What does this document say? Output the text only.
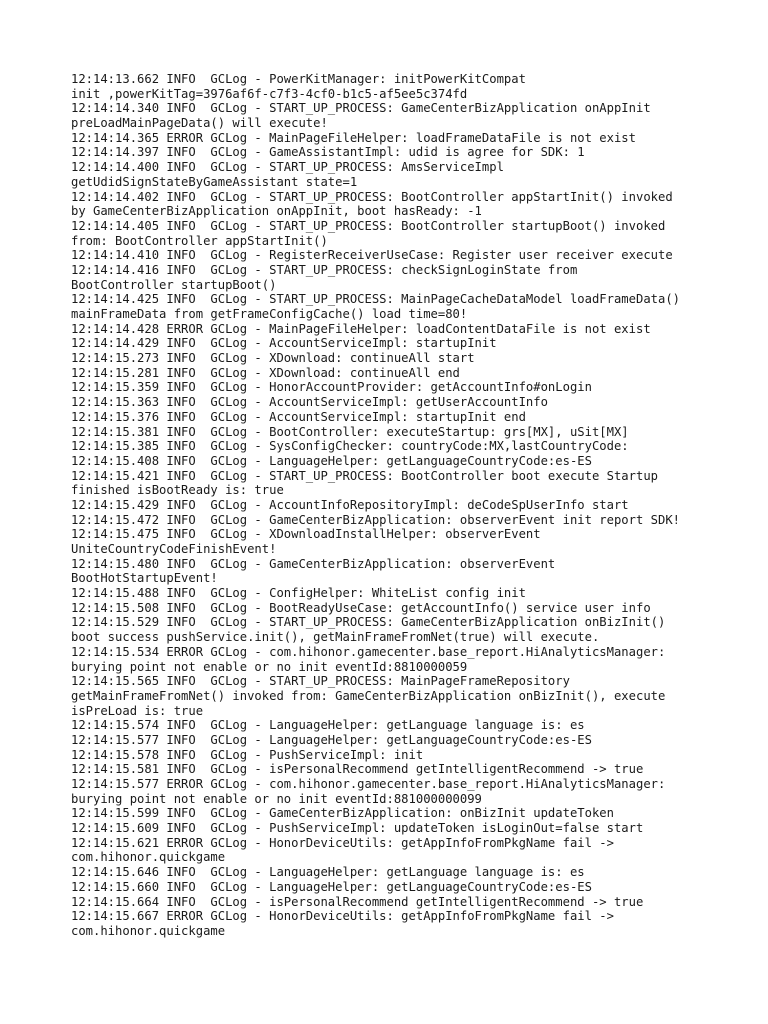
12:14:13.662 INFO  GCLog - PowerKitManager: initPowerKitCompat
init ,powerKitTag=3976af6f-c7f3-4cf0-b1c5-af5ee5c374fd
12:14:14.340 INFO  GCLog - START_UP_PROCESS: GameCenterBizApplication onAppInit
preLoadMainPageData() will execute!
12:14:14.365 ERROR GCLog - MainPageFileHelper: loadFrameDataFile is not exist
12:14:14.397 INFO  GCLog - GameAssistantImpl: udid is agree for SDK: 1
12:14:14.400 INFO  GCLog - START_UP_PROCESS: AmsServiceImpl
getUdidSignStateByGameAssistant state=1
12:14:14.402 INFO  GCLog - START_UP_PROCESS: BootController appStartInit() invoked
by GameCenterBizApplication onAppInit, boot hasReady: -1
12:14:14.405 INFO  GCLog - START_UP_PROCESS: BootController startupBoot() invoked
from: BootController appStartInit()
12:14:14.410 INFO  GCLog - RegisterReceiverUseCase: Register user receiver execute
12:14:14.416 INFO  GCLog - START_UP_PROCESS: checkSignLoginState from
BootController startupBoot()
12:14:14.425 INFO  GCLog - START_UP_PROCESS: MainPageCacheDataModel loadFrameData()
mainFrameData from getFrameConfigCache() load time=80!
12:14:14.428 ERROR GCLog - MainPageFileHelper: loadContentDataFile is not exist
12:14:14.429 INFO  GCLog - AccountServiceImpl: startupInit
12:14:15.273 INFO  GCLog - XDownload: continueAll start
12:14:15.281 INFO  GCLog - XDownload: continueAll end
12:14:15.359 INFO  GCLog - HonorAccountProvider: getAccountInfo#onLogin
12:14:15.363 INFO  GCLog - AccountServiceImpl: getUserAccountInfo
12:14:15.376 INFO  GCLog - AccountServiceImpl: startupInit end
12:14:15.381 INFO  GCLog - BootController: executeStartup: grs[MX], uSit[MX]
12:14:15.385 INFO  GCLog - SysConfigChecker: countryCode:MX,lastCountryCode:
12:14:15.408 INFO  GCLog - LanguageHelper: getLanguageCountryCode:es-ES
12:14:15.421 INFO  GCLog - START_UP_PROCESS: BootController boot execute Startup
finished isBootReady is: true
12:14:15.429 INFO  GCLog - AccountInfoRepositoryImpl: deCodeSpUserInfo start
12:14:15.472 INFO  GCLog - GameCenterBizApplication: observerEvent init report SDK!
12:14:15.475 INFO  GCLog - XDownloadInstallHelper: observerEvent
UniteCountryCodeFinishEvent!
12:14:15.480 INFO  GCLog - GameCenterBizApplication: observerEvent
BootHotStartupEvent!
12:14:15.488 INFO  GCLog - ConfigHelper: WhiteList config init
12:14:15.508 INFO  GCLog - BootReadyUseCase: getAccountInfo() service user info
12:14:15.529 INFO  GCLog - START_UP_PROCESS: GameCenterBizApplication onBizInit()
boot success pushService.init(), getMainFrameFromNet(true) will execute.
12:14:15.534 ERROR GCLog - com.hihonor.gamecenter.base_report.HiAnalyticsManager:
burying point not enable or no init eventId:8810000059
12:14:15.565 INFO  GCLog - START_UP_PROCESS: MainPageFrameRepository
getMainFrameFromNet() invoked from: GameCenterBizApplication onBizInit(), execute
isPreLoad is: true
12:14:15.574 INFO  GCLog - LanguageHelper: getLanguage language is: es
12:14:15.577 INFO  GCLog - LanguageHelper: getLanguageCountryCode:es-ES
12:14:15.578 INFO  GCLog - PushServiceImpl: init
12:14:15.581 INFO  GCLog - isPersonalRecommend getIntelligentRecommend -> true
12:14:15.577 ERROR GCLog - com.hihonor.gamecenter.base_report.HiAnalyticsManager:
burying point not enable or no init eventId:881000000099
12:14:15.599 INFO  GCLog - GameCenterBizApplication: onBizInit updateToken
12:14:15.609 INFO  GCLog - PushServiceImpl: updateToken isLoginOut=false start
12:14:15.621 ERROR GCLog - HonorDeviceUtils: getAppInfoFromPkgName fail ->
com.hihonor.quickgame
12:14:15.646 INFO  GCLog - LanguageHelper: getLanguage language is: es
12:14:15.660 INFO  GCLog - LanguageHelper: getLanguageCountryCode:es-ES
12:14:15.664 INFO  GCLog - isPersonalRecommend getIntelligentRecommend -> true
12:14:15.667 ERROR GCLog - HonorDeviceUtils: getAppInfoFromPkgName fail ->
com.hihonor.quickgame
